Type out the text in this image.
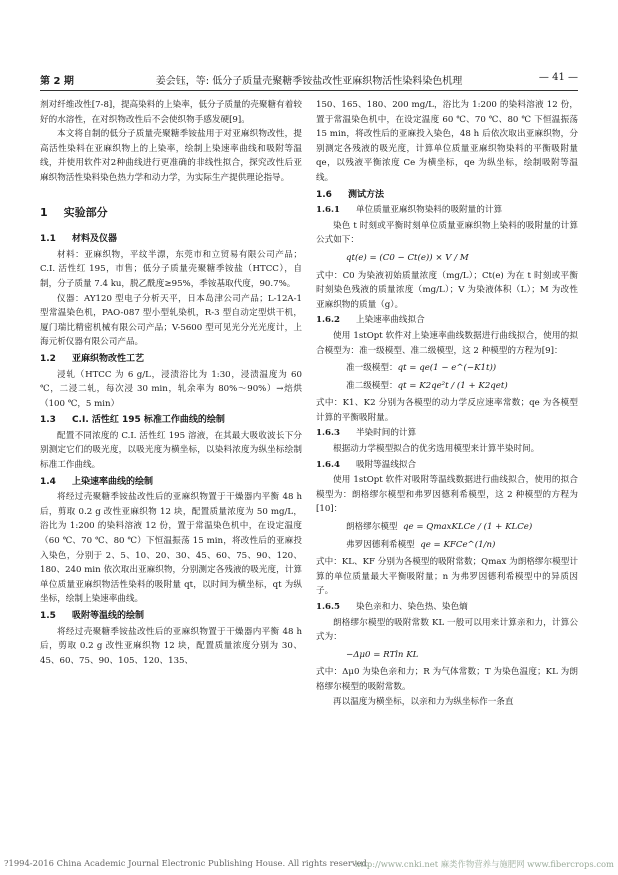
第 2 期	姜会钰，等: 低分子质量壳聚糖季铵盐改性亚麻织物活性染料染色机理	— 41 —

剂对纤维改性[7-8]，提高染料的上染率，低分子质量的壳聚糖有着较好的水溶性，在对织物改性后不会使织物手感发硬[9]。

本文将自制的低分子质量壳聚糖季铵盐用于对亚麻织物改性，提高活性染料在亚麻织物上的上染率，绘制上染速率曲线和吸附等温线，并使用软件对2种曲线进行更准确的非线性拟合，探究改性后亚麻织物活性染料染色热力学和动力学，为实际生产提供理论指导。

1 实验部分
1.1 材料及仪器

材料：亚麻织物，平纹半漂，东莞市和立贸易有限公司产品；C.I. 活性红 195，市售；低分子质量壳聚糖季铵盐（HTCC），自制，分子质量 7.4 ku，脱乙酰度≥95%，季铵基取代度，90.7%。

仪器：AY120 型电子分析天平，日本岛津公司产品；L-12A-1 型常温染色机，PAO-087 型小型轧染机，R-3 型自动定型烘干机，厦门瑞比精密机械有限公司产品；V-5600 型可见光分光光度计，上海元析仪器有限公司产品。

1.2 亚麻织物改性工艺

浸轧（HTCC 为 6 g/L，浸渍浴比为 1:30，浸渍温度为 60 ℃，二浸二轧，每次浸 30 min，轧余率为 80%～90%）→焙烘（100 ℃，5 min）

1.3 C.I. 活性红 195 标准工作曲线的绘制

配置不同浓度的 C.I. 活性红 195 溶液，在其最大吸收波长下分别测定它们的吸光度，以吸光度为横坐标，以染料浓度为纵坐标绘制标准工作曲线。

1.4 上染速率曲线的绘制

将经过壳聚糖季铵盐改性后的亚麻织物置于干燥器内平衡 48 h 后，剪取 0.2 g 改性亚麻织物 12 块，配置质量浓度为 50 mg/L，浴比为 1:200 的染料溶液 12 份，置于常温染色机中，在设定温度（60 ℃、70 ℃、80 ℃）下恒温振荡 15 min，将改性后的亚麻投入染色，分别于 2、5、10、20、30、45、60、75、90、120、180、240 min 依次取出亚麻织物，分别测定各残液的吸光度，计算单位质量亚麻织物活性染料的吸附量 qt，以时间为横坐标，qt 为纵坐标，绘制上染速率曲线。

1.5 吸附等温线的绘制

将经过壳聚糖季铵盐改性后的亚麻织物置于干燥器内平衡 48 h 后，剪取 0.2 g 改性亚麻织物 12 块，配置质量浓度分别为 30、45、60、75、90、105、120、135、

150、165、180、200 mg/L，浴比为 1:200 的染料溶液 12 份，置于常温染色机中，在设定温度 60 ℃、70 ℃、80 ℃ 下恒温振荡 15 min，将改性后的亚麻投入染色，48 h 后依次取出亚麻织物，分别测定各残液的吸光度，计算单位质量亚麻织物染料的平衡吸附量 qe，以残液平衡浓度 Ce 为横坐标，qe 为纵坐标，绘制吸附等温线。

1.6 测试方法
1.6.1 单位质量亚麻织物染料的吸附量的计算

染色 t 时刻或平衡时刻单位质量亚麻织物上染料的吸附量的计算公式如下：

qt(e) = (C0 − Ct(e)) × V / M

式中：C0 为染液初始质量浓度（mg/L）；Ct(e) 为在 t 时刻或平衡时刻染色残液的质量浓度（mg/L）；V 为染液体积（L）；M 为改性亚麻织物的质量（g）。

1.6.2 上染速率曲线拟合

使用 1stOpt 软件对上染速率曲线数据进行曲线拟合，使用的拟合模型为：准一级模型、准二级模型，这 2 种模型的方程为[9]：

准一级模型：qt = qe(1 − e^(−K1t))
准二级模型：qt = K2qe²t / (1 + K2qet)

式中：K1、K2 分别为各模型的动力学反应速率常数；qe 为各模型计算的平衡吸附量。

1.6.3 半染时间的计算

根据动力学模型拟合的优劣选用模型来计算半染时间。

1.6.4 吸附等温线拟合

使用 1stOpt 软件对吸附等温线数据进行曲线拟合，使用的拟合模型为：朗格缪尔模型和弗罗因德利希模型，这 2 种模型的方程为[10]：

朗格缪尔模型 qe = QmaxKLCe / (1 + KLCe)
弗罗因德利希模型 qe = KFCe^(1/n)

式中：KL、KF 分别为各模型的吸附常数；Qmax 为朗格缪尔模型计算的单位质量最大平衡吸附量；n 为弗罗因德利希模型中的异质因子。

1.6.5 染色亲和力、染色热、染色熵

朗格缪尔模型的吸附常数 KL 一般可以用来计算亲和力，计算公式为：

−Δμ0 = RTln KL

式中：Δμ0 为染色亲和力；R 为气体常数；T 为染色温度；KL 为朗格缪尔模型的吸附常数。

再以温度为横坐标，以亲和力为纵坐标作一条直

?1994-2016 China Academic Journal Electronic Publishing House. All rights reserved.
http://www.cnki.net 麻类作物营养与施肥网 www.fibercrops.com
